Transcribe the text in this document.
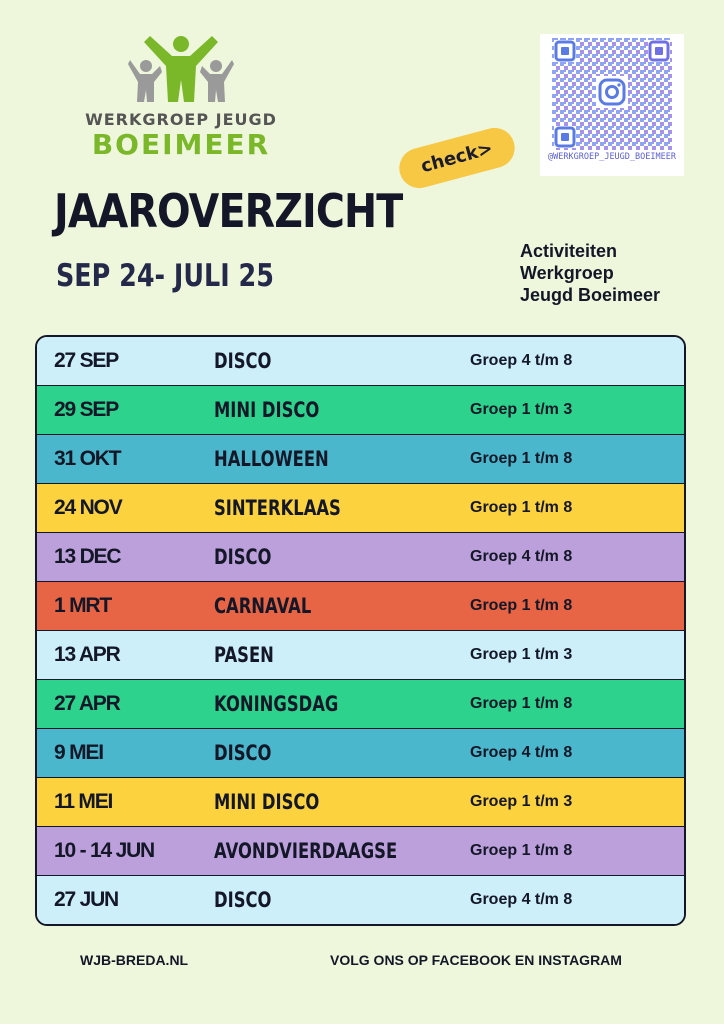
WERKGROEP JEUGD
BOEIMEER	check>	@WERKGROEP_JEUGD_BOEIMEER
JAAROVERZICHT
SEP 24- JULI 25
Activiteiten
Werkgroep
Jeugd Boeimeer
27 SEP	DISCO	Groep 4 t/m 8
29 SEP	MINI DISCO	Groep 1 t/m 3
31 OKT	HALLOWEEN	Groep 1 t/m 8
24 NOV	SINTERKLAAS	Groep 1 t/m 8
13 DEC	DISCO	Groep 4 t/m 8
1 MRT	CARNAVAL	Groep 1 t/m 8
13 APR	PASEN	Groep 1 t/m 3
27 APR	KONINGSDAG	Groep 1 t/m 8
9 MEI	DISCO	Groep 4 t/m 8
11 MEI	MINI DISCO	Groep 1 t/m 3
10 - 14 JUN	AVONDVIERDAAGSE	Groep 1 t/m 8
27 JUN	DISCO	Groep 4 t/m 8
WJB-BREDA.NL	VOLG ONS OP FACEBOOK EN INSTAGRAM
